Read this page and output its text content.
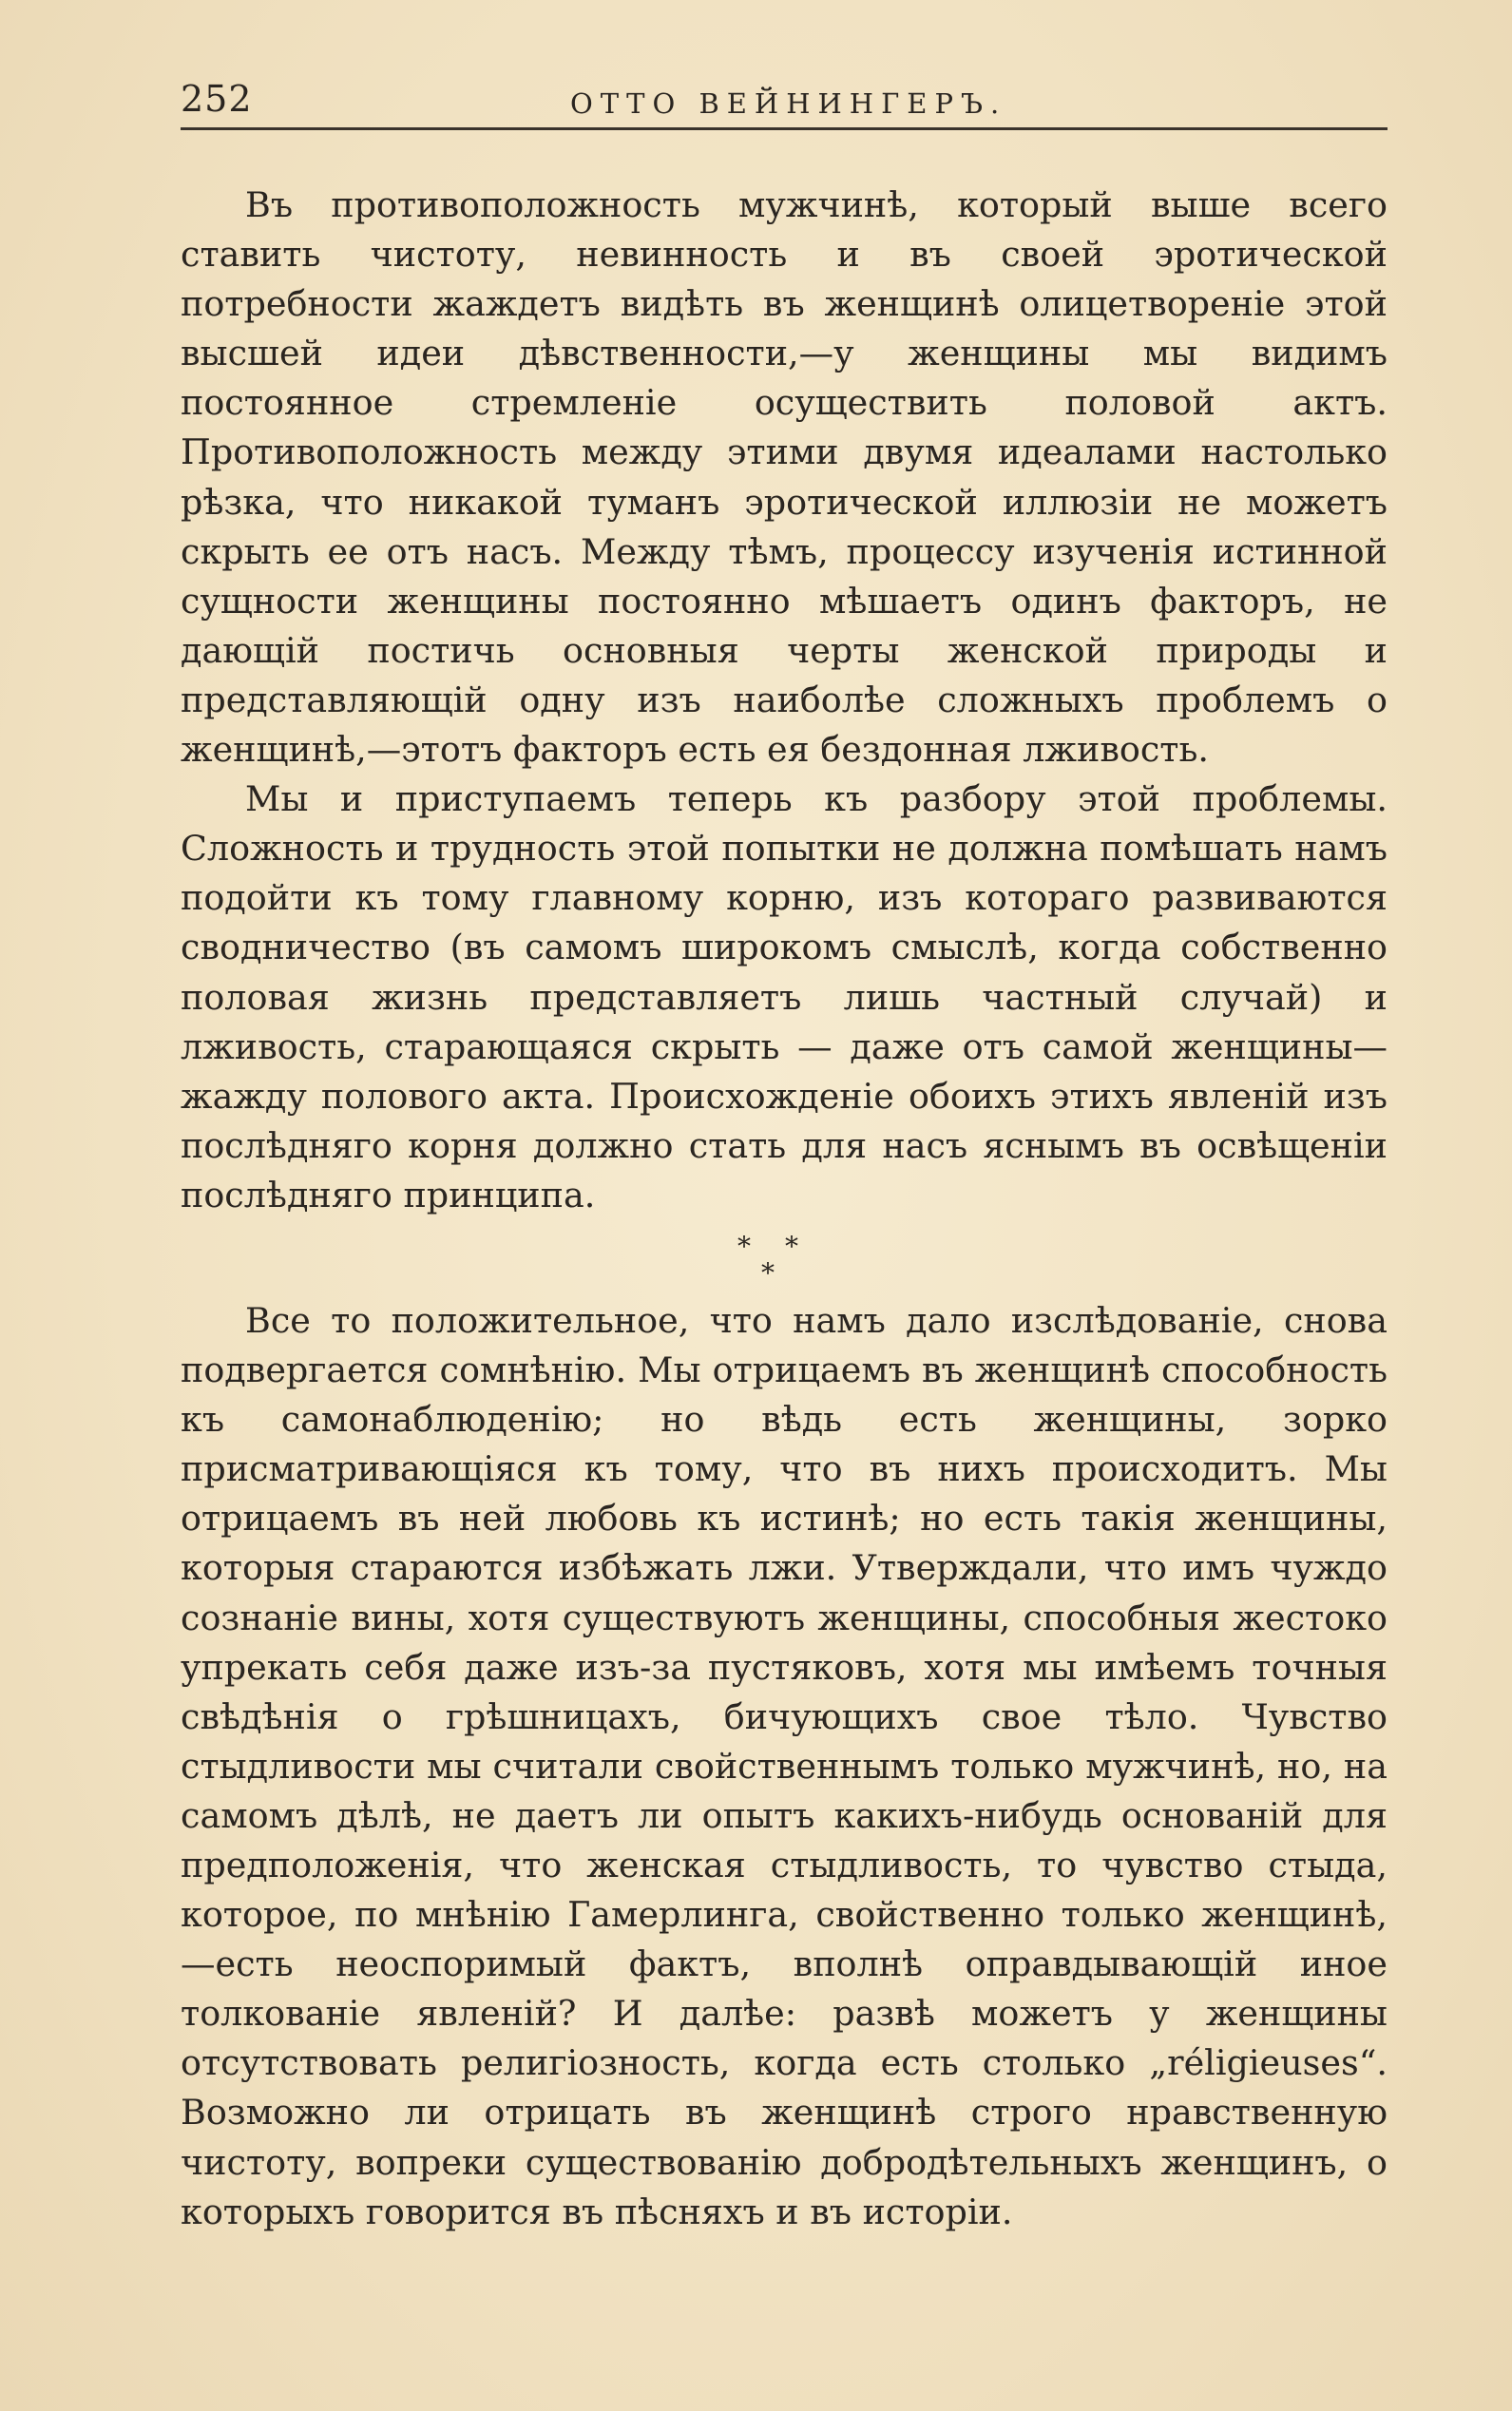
252	ОТТО ВЕЙНИНГЕРЪ.

Въ противоположность мужчинѣ, который выше всего ставить чистоту, невинность и въ своей эротической потребности жаждетъ видѣть въ женщинѣ олицетвореніе этой высшей идеи дѣвственности,—у женщины мы видимъ постоянное стремленіе осуществить половой актъ. Противоположность между этими двумя идеалами настолько рѣзка, что никакой туманъ эротической иллюзіи не можетъ скрыть ее отъ насъ. Между тѣмъ, процессу изученія истинной сущности женщины постоянно мѣшаетъ одинъ факторъ, не дающій постичь основныя черты женской природы и представляющій одну изъ наиболѣе сложныхъ проблемъ о женщинѣ,—этотъ факторъ есть ея бездонная лживость.

Мы и приступаемъ теперь къ разбору этой проблемы. Сложность и трудность этой попытки не должна помѣшать намъ подойти къ тому главному корню, изъ котораго развиваются сводничество (въ самомъ широкомъ смыслѣ, когда собственно половая жизнь представляетъ лишь частный случай) и лживость, старающаяся скрыть — даже отъ самой женщины—жажду полового акта. Происхожденіе обоихъ этихъ явленій изъ послѣдняго корня должно стать для насъ яснымъ въ освѣщеніи послѣдняго принципа.

* *
*

Все то положительное, что намъ дало изслѣдованіе, снова подвергается сомнѣнію. Мы отрицаемъ въ женщинѣ способность къ самонаблюденію; но вѣдь есть женщины, зорко присматривающіяся къ тому, что въ нихъ происходитъ. Мы отрицаемъ въ ней любовь къ истинѣ; но есть такія женщины, которыя стараются избѣжать лжи. Утверждали, что имъ чуждо сознаніе вины, хотя существуютъ женщины, способныя жестоко упрекать себя даже изъ-за пустяковъ, хотя мы имѣемъ точныя свѣдѣнія о грѣшницахъ, бичующихъ свое тѣло. Чувство стыдливости мы считали свойственнымъ только мужчинѣ, но, на самомъ дѣлѣ, не даетъ ли опытъ какихъ-нибудь основаній для предположенія, что женская стыдливость, то чувство стыда, которое, по мнѣнію Гамерлинга, свойственно только женщинѣ,—есть неоспоримый фактъ, вполнѣ оправдывающій иное толкованіе явленій? И далѣе: развѣ можетъ у женщины отсутствовать религіозность, когда есть столько „réligieuses“. Возможно ли отрицать въ женщинѣ строго нравственную чистоту, вопреки существованію добродѣтельныхъ женщинъ, о которыхъ говорится въ пѣсняхъ и въ исторіи.
